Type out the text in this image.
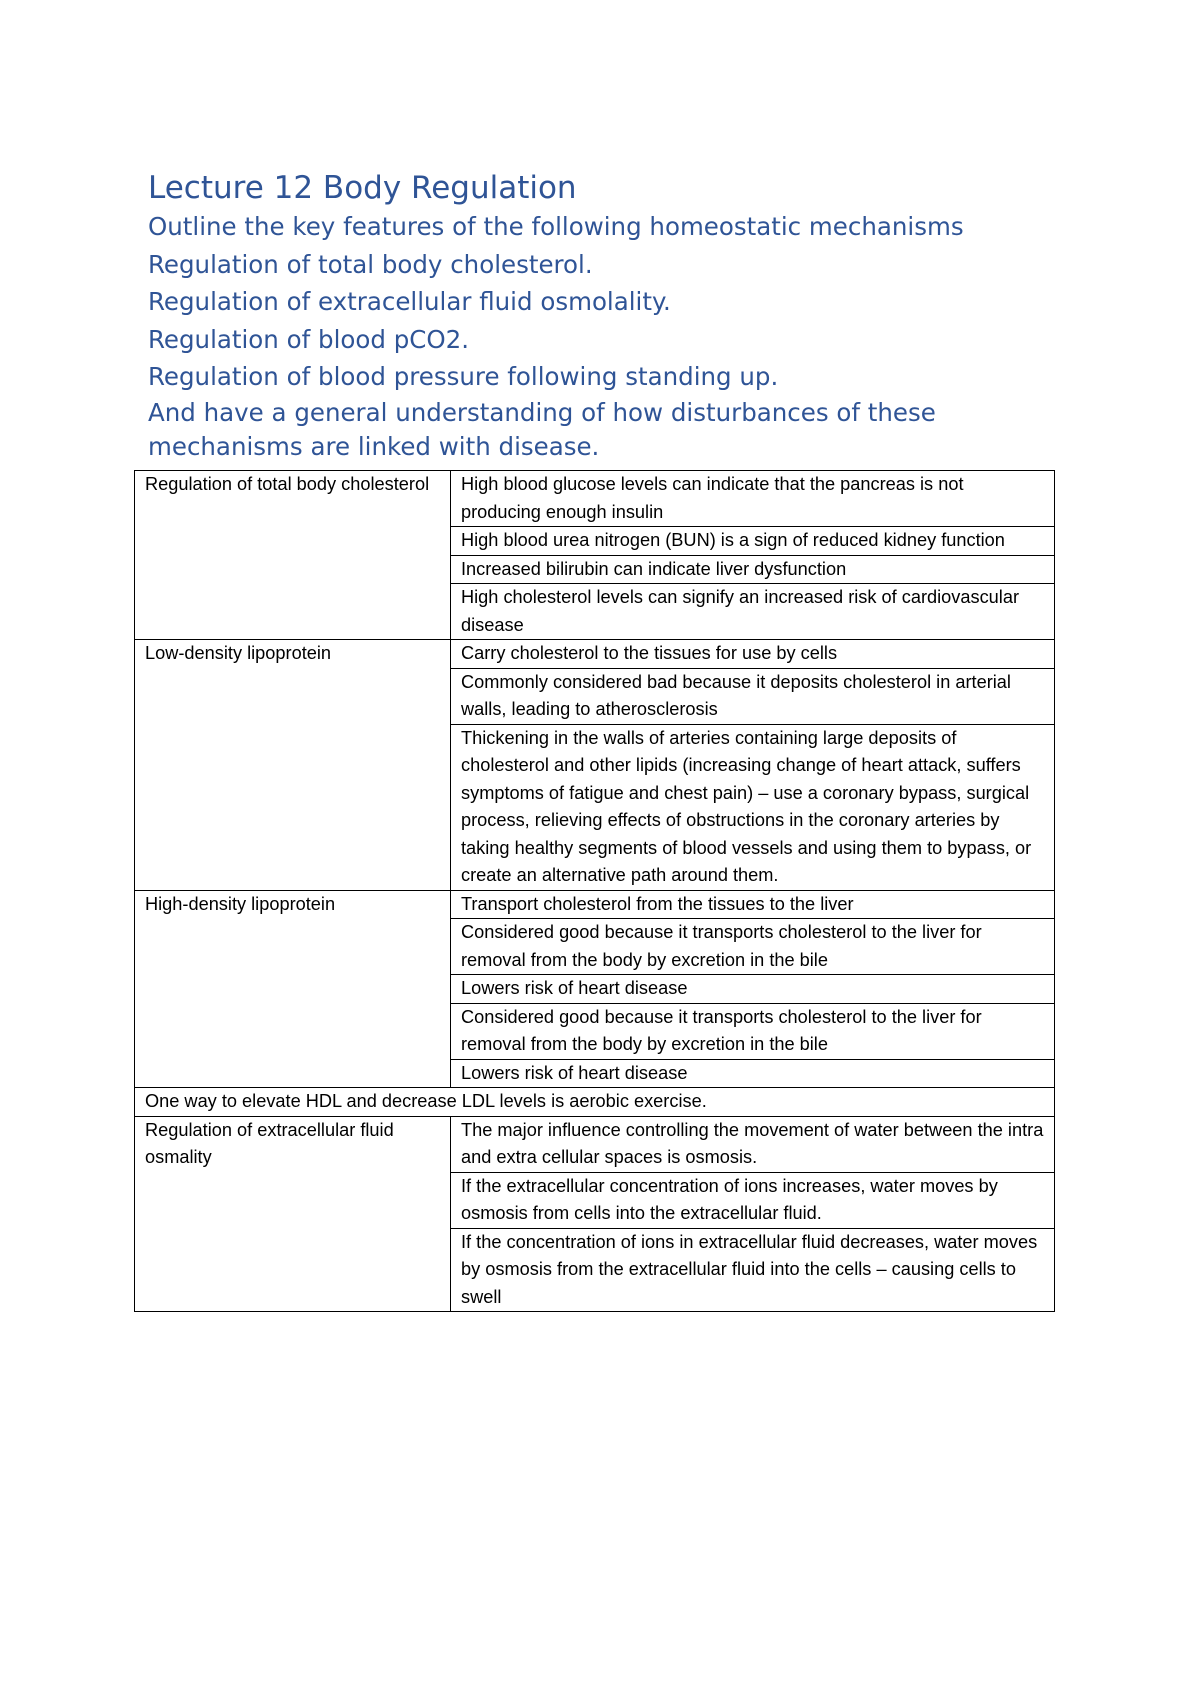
Lecture 12 Body Regulation
Outline the key features of the following homeostatic mechanisms
Regulation of total body cholesterol.
Regulation of extracellular fluid osmolality.
Regulation of blood pCO2.
Regulation of blood pressure following standing up.
And have a general understanding of how disturbances of these mechanisms are linked with disease.
Regulation of total body cholesterol	High blood glucose levels can indicate that the pancreas is not producing enough insulin
	High blood urea nitrogen (BUN) is a sign of reduced kidney function
	Increased bilirubin can indicate liver dysfunction
	High cholesterol levels can signify an increased risk of cardiovascular disease
Low-density lipoprotein	Carry cholesterol to the tissues for use by cells
	Commonly considered bad because it deposits cholesterol in arterial walls, leading to atherosclerosis
	Thickening in the walls of arteries containing large deposits of cholesterol and other lipids (increasing change of heart attack, suffers symptoms of fatigue and chest pain) – use a coronary bypass, surgical process, relieving effects of obstructions in the coronary arteries by taking healthy segments of blood vessels and using them to bypass, or create an alternative path around them.
High-density lipoprotein	Transport cholesterol from the tissues to the liver
	Considered good because it transports cholesterol to the liver for removal from the body by excretion in the bile
	Lowers risk of heart disease
	Considered good because it transports cholesterol to the liver for removal from the body by excretion in the bile
	Lowers risk of heart disease
One way to elevate HDL and decrease LDL levels is aerobic exercise.	
Regulation of extracellular fluid osmality	The major influence controlling the movement of water between the intra and extra cellular spaces is osmosis.
	If the extracellular concentration of ions increases, water moves by osmosis from cells into the extracellular fluid.
	If the concentration of ions in extracellular fluid decreases, water moves by osmosis from the extracellular fluid into the cells – causing cells to swell
